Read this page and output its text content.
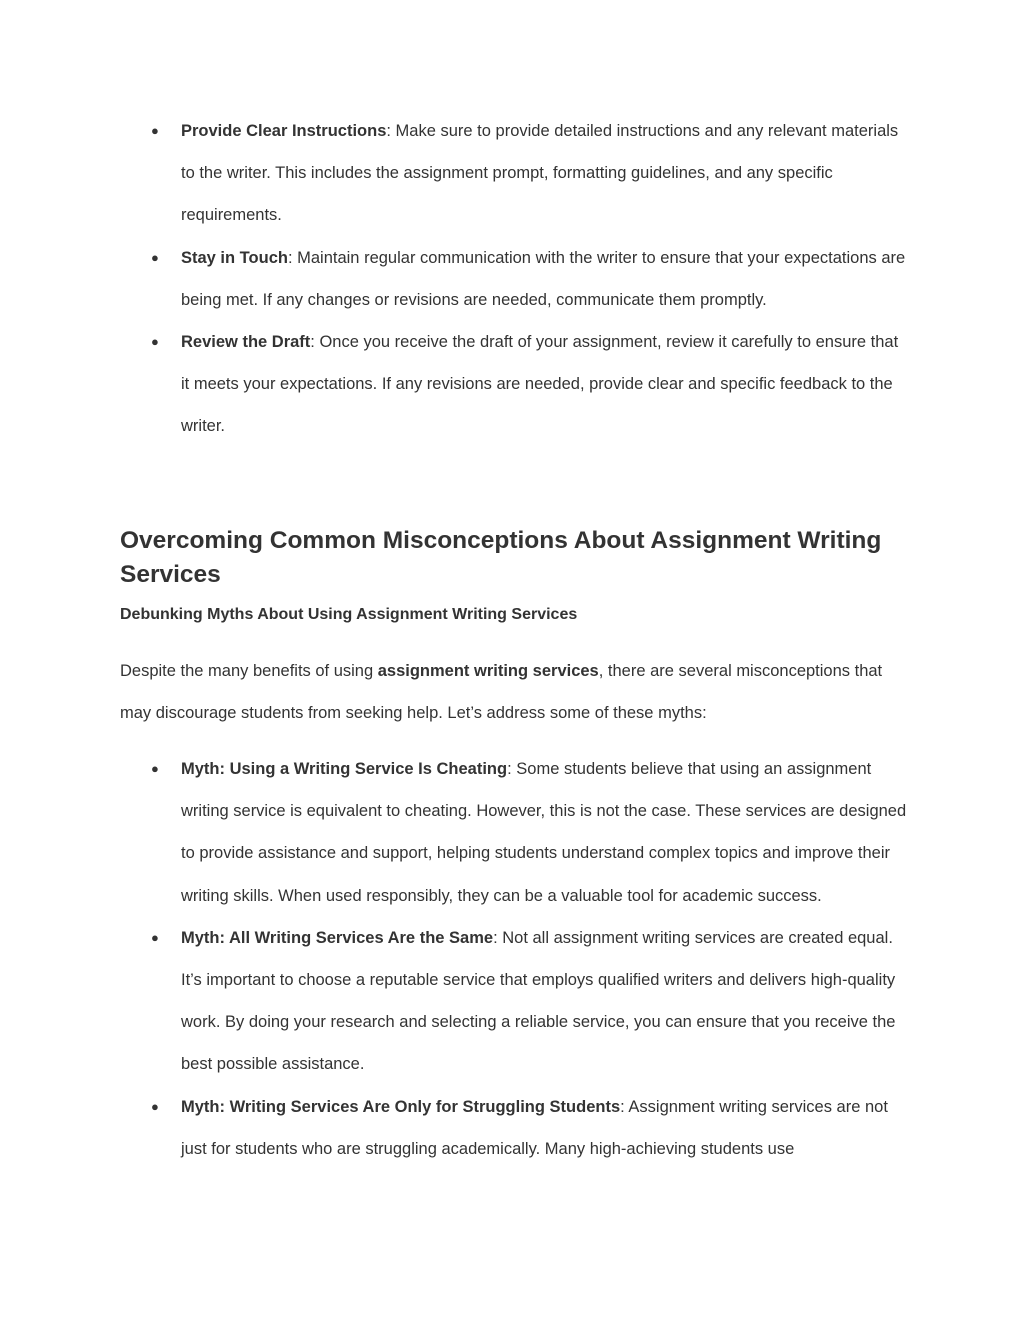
● Provide Clear Instructions: Make sure to provide detailed instructions and any relevant materials to the writer. This includes the assignment prompt, formatting guidelines, and any specific requirements.
● Stay in Touch: Maintain regular communication with the writer to ensure that your expectations are being met. If any changes or revisions are needed, communicate them promptly.
● Review the Draft: Once you receive the draft of your assignment, review it carefully to ensure that it meets your expectations. If any revisions are needed, provide clear and specific feedback to the writer.
Overcoming Common Misconceptions About Assignment Writing Services
Debunking Myths About Using Assignment Writing Services

Despite the many benefits of using assignment writing services, there are several misconceptions that may discourage students from seeking help. Let’s address some of these myths:

● Myth: Using a Writing Service Is Cheating: Some students believe that using an assignment writing service is equivalent to cheating. However, this is not the case. These services are designed to provide assistance and support, helping students understand complex topics and improve their writing skills. When used responsibly, they can be a valuable tool for academic success.
● Myth: All Writing Services Are the Same: Not all assignment writing services are created equal. It’s important to choose a reputable service that employs qualified writers and delivers high-quality work. By doing your research and selecting a reliable service, you can ensure that you receive the best possible assistance.
● Myth: Writing Services Are Only for Struggling Students: Assignment writing services are not just for students who are struggling academically. Many high-achieving students use
